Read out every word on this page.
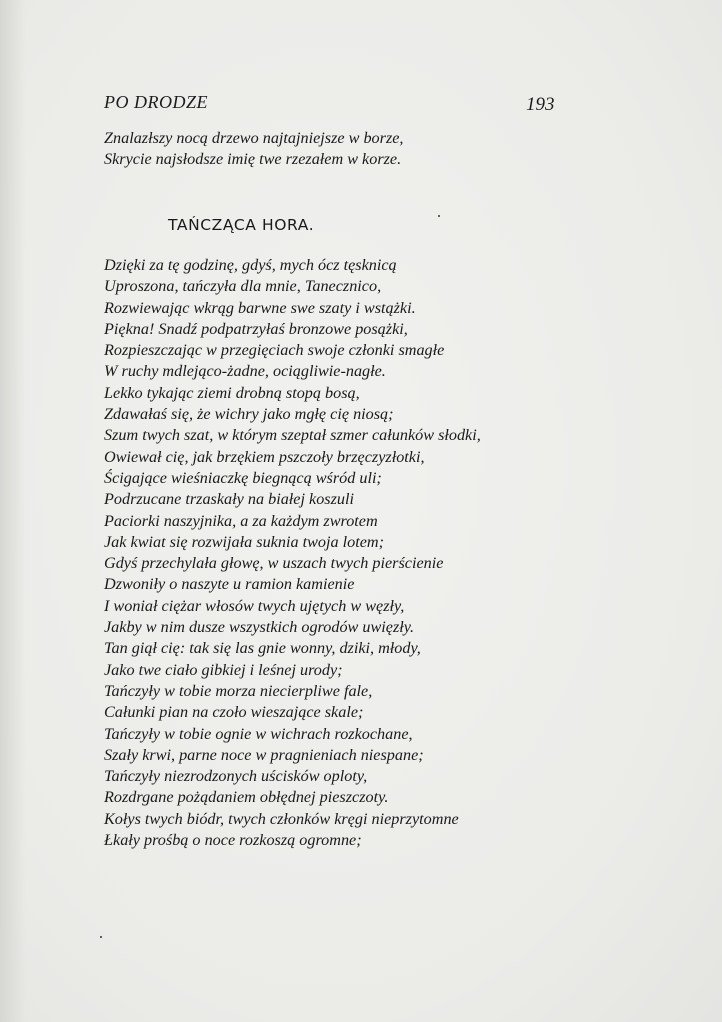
PO DRODZE	193
Znalazłszy nocą drzewo najtajniejsze w borze,
Skrycie najsłodsze imię twe rzezałem w korze.
TAŃCZĄCA HORA.
Dzięki za tę godzinę, gdyś, mych ócz tęsknicą
Uproszona, tańczyła dla mnie, Tanecznico,
Rozwiewając wkrąg barwne swe szaty i wstążki.
Piękna! Snadź podpatrzyłaś bronzowe posążki,
Rozpieszczając w przegięciach swoje członki smagłe
W ruchy mdlejąco-żadne, ociągliwie-nagłe.
Lekko tykając ziemi drobną stopą bosą,
Zdawałaś się, że wichry jako mgłę cię niosą;
Szum twych szat, w którym szeptał szmer całunków słodki,
Owiewał cię, jak brzękiem pszczoły brzęczyzłotki,
Ścigające wieśniaczkę biegnącą wśród uli;
Podrzucane trzaskały na białej koszuli
Paciorki naszyjnika, a za każdym zwrotem
Jak kwiat się rozwijała suknia twoja lotem;
Gdyś przechylała głowę, w uszach twych pierścienie
Dzwoniły o naszyte u ramion kamienie
I woniał ciężar włosów twych ujętych w węzły,
Jakby w nim dusze wszystkich ogrodów uwięzły.
Tan giął cię: tak się las gnie wonny, dziki, młody,
Jako twe ciało gibkiej i leśnej urody;
Tańczyły w tobie morza niecierpliwe fale,
Całunki pian na czoło wieszające skale;
Tańczyły w tobie ognie w wichrach rozkochane,
Szały krwi, parne noce w pragnieniach niespane;
Tańczyły niezrodzonych uścisków oploty,
Rozdrgane pożądaniem obłędnej pieszczoty.
Kołys twych biódr, twych członków kręgi nieprzytomne
Łkały prośbą o noce rozkoszą ogromne;
